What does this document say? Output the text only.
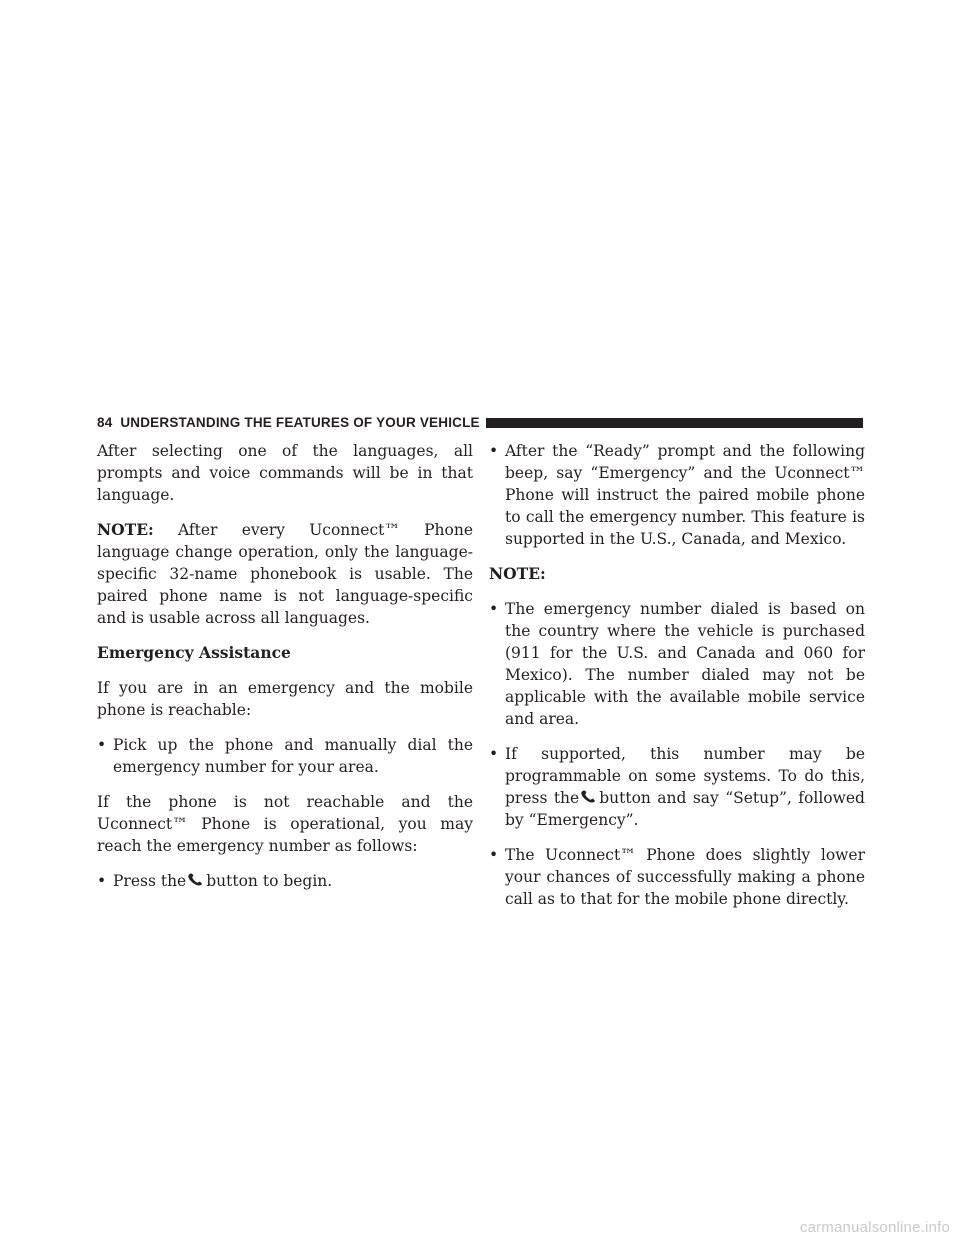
84 UNDERSTANDING THE FEATURES OF YOUR VEHICLE

After selecting one of the languages, all prompts and voice commands will be in that language.

NOTE: After every Uconnect™ Phone language change operation, only the language-specific 32-name phonebook is usable. The paired phone name is not language-specific and is usable across all languages.

Emergency Assistance

If you are in an emergency and the mobile phone is reachable:

• Pick up the phone and manually dial the emergency number for your area.

If the phone is not reachable and the Uconnect™ Phone is operational, you may reach the emergency number as follows:

• Press the button to begin.
• After the “Ready” prompt and the following beep, say “Emergency” and the Uconnect™ Phone will instruct the paired mobile phone to call the emergency number. This feature is supported in the U.S., Canada, and Mexico.

NOTE:

• The emergency number dialed is based on the country where the vehicle is purchased (911 for the U.S. and Canada and 060 for Mexico). The number dialed may not be applicable with the available mobile service and area.
• If supported, this number may be programmable on some systems. To do this, press the button and say “Setup”, followed by “Emergency”.
• The Uconnect™ Phone does slightly lower your chances of successfully making a phone call as to that for the mobile phone directly.
carmanualsonline.info
